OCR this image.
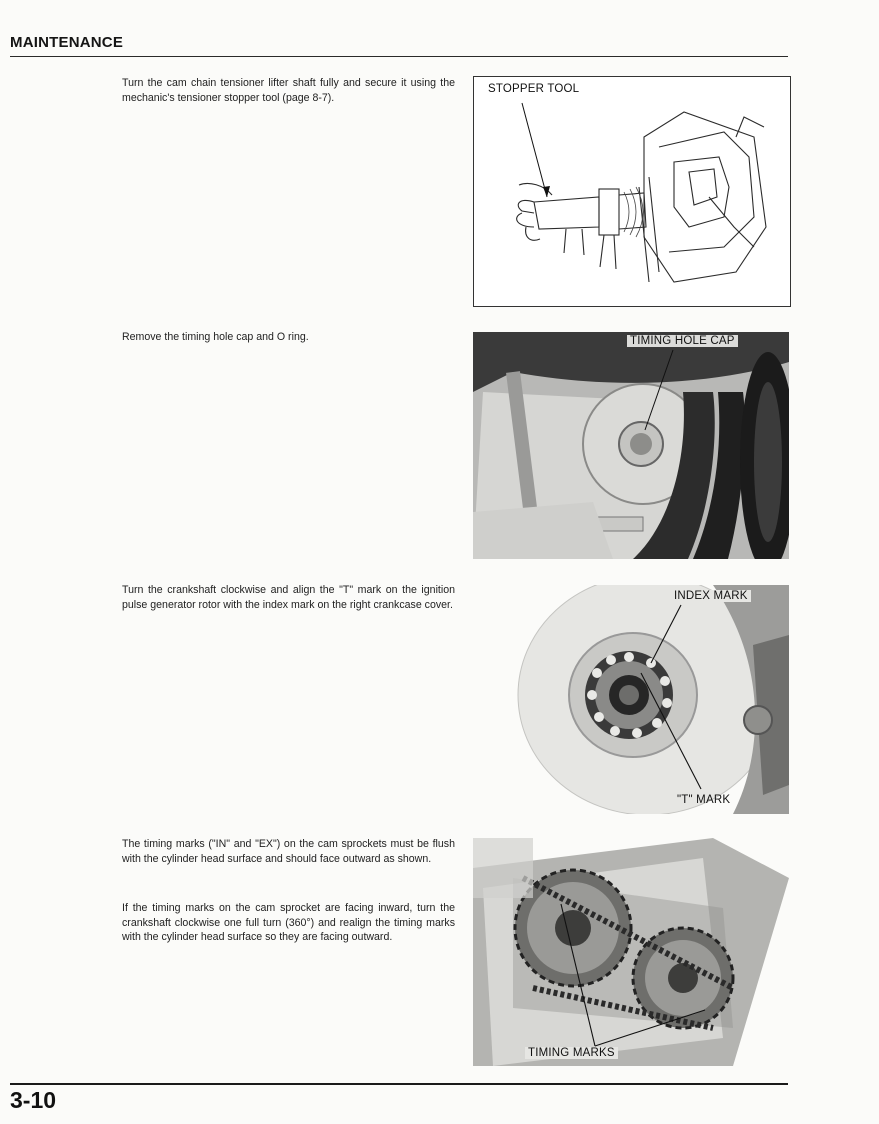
MAINTENANCE

Turn the cam chain tensioner lifter shaft fully and secure it using the mechanic's tensioner stopper tool (page 8-7).

Remove the timing hole cap and O ring.

Turn the crankshaft clockwise and align the "T" mark on the ignition pulse generator rotor with the index mark on the right crankcase cover.

The timing marks ("IN" and "EX") on the cam sprockets must be flush with the cylinder head surface and should face outward as shown.

If the timing marks on the cam sprocket are facing inward, turn the crankshaft clockwise one full turn (360°) and realign the timing marks with the cylinder head surface so they are facing outward.

STOPPER TOOL
TIMING HOLE CAP
INDEX MARK
"T" MARK
TIMING MARKS

3-10
